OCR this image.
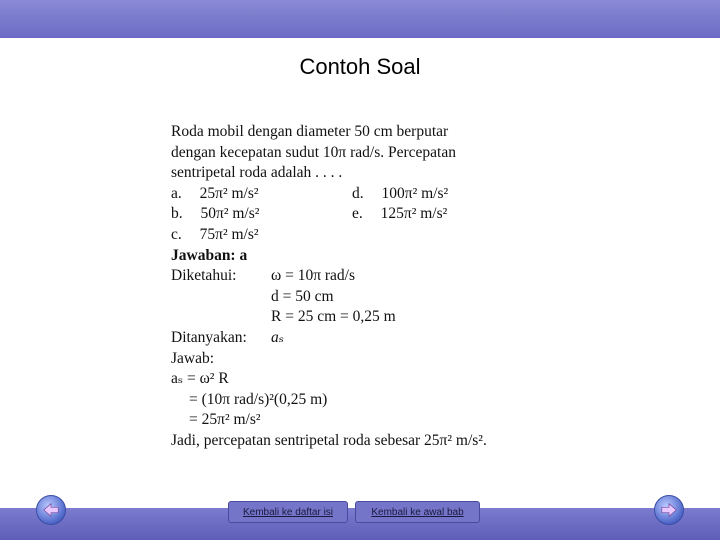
Contoh Soal
Roda mobil dengan diameter 50 cm berputar
dengan kecepatan sudut 10π rad/s. Percepatan
sentripetal roda adalah . . . .
a. 25π² m/s²	d. 100π² m/s²
b. 50π² m/s²	e. 125π² m/s²
c. 75π² m/s²
Jawaban: a
Diketahui: ω = 10π rad/s
d = 50 cm
R = 25 cm = 0,25 m
Ditanyakan: aₛ
Jawab:
aₛ = ω² R
= (10π rad/s)²(0,25 m)
= 25π² m/s²
Jadi, percepatan sentripetal roda sebesar 25π² m/s².
Kembali ke daftar isi	Kembali ke awal bab
